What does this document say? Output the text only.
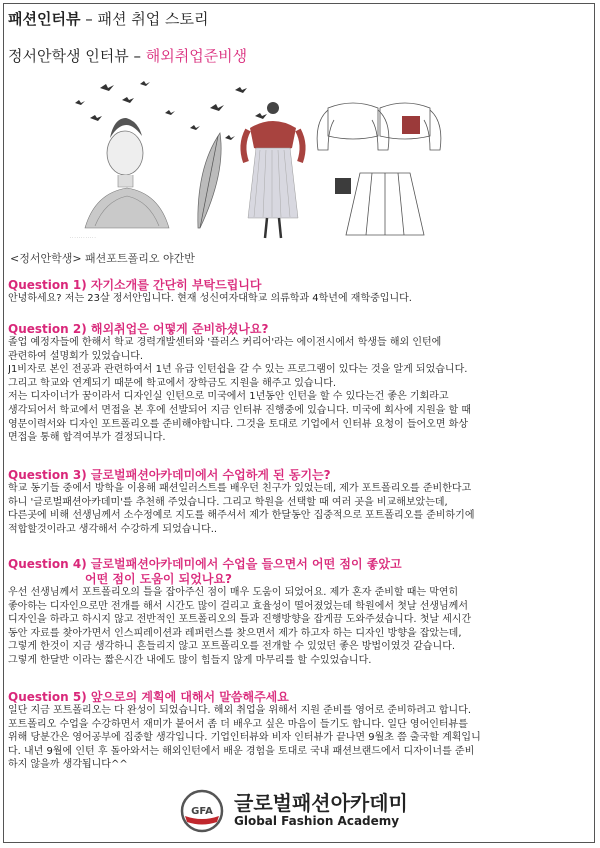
패션인터뷰 – 패션 취업 스토리
정서안학생 인터뷰 – 해외취업준비생
. . . . . . . . . . . .
<정서안학생> 패션포트폴리오 야간반
Question 1) 자기소개를 간단히 부탁드립니다
안녕하세요? 저는 23살 정서안입니다. 현재 성신여자대학교 의류학과 4학년에 재학중입니다.
Question 2) 해외취업은 어떻게 준비하셨나요?
졸업 예정자들에 한해서 학교 경력개발센터와 '플러스 커리어'라는 에이전시에서 학생들 해외 인턴에
관련하여 설명회가 있었습니다.
J1비자로 본인 전공과 관련하여서 1년 유급 인턴쉽을 갈 수 있는 프로그램이 있다는 것을 알게 되었습니다.
그리고 학교와 연계되기 때문에 학교에서 장학금도 지원을 해주고 있습니다.
저는 디자이너가 꿈이라서 디자인실 인턴으로 미국에서 1년동안 인턴을 할 수 있다는건 좋은 기회라고
생각되어서 학교에서 면접을 본 후에 선발되어 지금 인터뷰 진행중에 있습니다. 미국에 회사에 지원을 할 때
영문이력서와 디자인 포트폴리오를 준비해야합니다. 그것을 토대로 기업에서 인터뷰 요청이 들어오면 화상
면접을 통해 합격여부가 결정되니다.
Question 3) 글로벌패션아카데미에서 수업하게 된 동기는?
학교 동기들 중에서 방학을 이용해 패션일러스트를 배우던 친구가 있었는데, 제가 포트폴리오를 준비한다고
하니 '글로벌패션아카데미'를 추천해 주었습니다. 그리고 학원을 선택할 때 여러 곳을 비교해보았는데,
다른곳에 비해 선생님께서 소수정예로 지도를 해주셔서 제가 한달동안 집중적으로 포트폴리오를 준비하기에
적합할것이라고 생각해서 수강하게 되었습니다..
Question 4) 글로벌패션아카데미에서 수업을 들으면서 어떤 점이 좋았고
어떤 점이 도움이 되었나요?
우선 선생님께서 포트폴리오의 틀을 잡아주신 점이 매우 도움이 되었어요. 제가 혼자 준비할 때는 막연히
좋아하는 디자인으로만 전개를 해서 시간도 많이 걸리고 효율성이 떨어졌었는데 학원에서 첫날 선생님께서
디자인을 하라고 하시지 않고 전반적인 포트폴리오의 틀과 진행방향을 잡게끔 도와주셨습니다. 첫날 세시간
동안 자료를 찾아가면서 인스피레이션과 레퍼런스를 찾으면서 제가 하고자 하는 디자인 방향을 잡았는데,
그렇게 한것이 지금 생각하니 흔들리지 않고 포트폴리오를 전개할 수 있었던 좋은 방법이였것 같습니다.
그렇게 한달반 이라는 짧은시간 내에도 많이 힘들지 않게 마무리를 할 수있었습니다.
Question 5) 앞으로의 계획에 대해서 말씀해주세요
일단 지금 포트폴리오는 다 완성이 되었습니다. 해외 취업을 위해서 지원 준비를 영어로 준비하려고 합니다.
포트폴리오 수업을 수강하면서 재미가 붙어서 좀 더 배우고 싶은 마음이 들기도 합니다. 일단 영어인터뷰를
위해 당분간은 영어공부에 집중할 생각입니다. 기업인터뷰와 비자 인터뷰가 끝나면 9월초 쯤 출국할 계획입니
다. 내년 9월에 인턴 후 돌아와서는 해외인턴에서 배운 경험을 토대로 국내 패션브랜드에서 디자이너를 준비
하지 않을까 생각됩니다^^
GFA 글로벌패션아카데미
Global Fashion Academy
